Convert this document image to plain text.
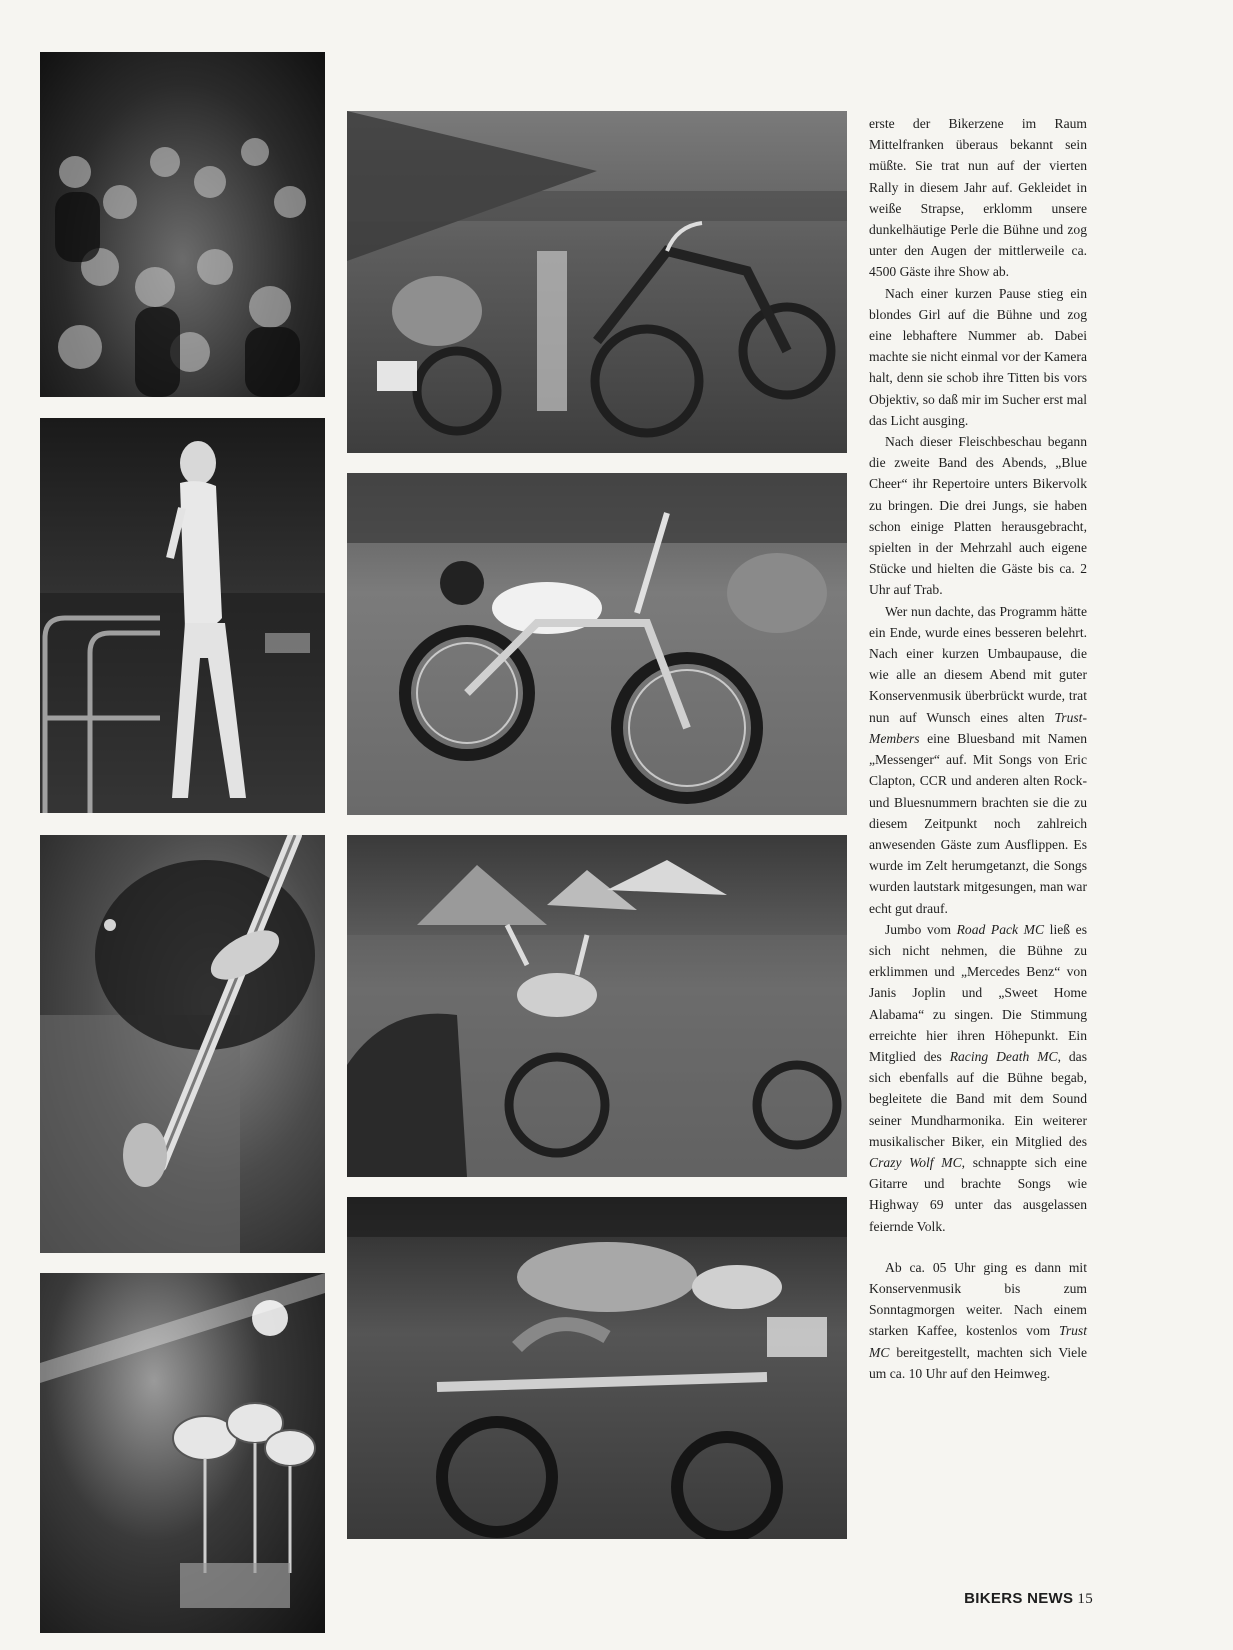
erste der Bikerzene im Raum Mittelfranken überaus bekannt sein müßte. Sie trat nun auf der vierten Rally in diesem Jahr auf. Gekleidet in weiße Strapse, erklomm unsere dunkelhäutige Perle die Bühne und zog unter den Augen der mittlerweile ca. 4500 Gäste ihre Show ab.

Nach einer kurzen Pause stieg ein blondes Girl auf die Bühne und zog eine lebhaftere Nummer ab. Dabei machte sie nicht einmal vor der Kamera halt, denn sie schob ihre Titten bis vors Objektiv, so daß mir im Sucher erst mal das Licht ausging.

Nach dieser Fleischbeschau begann die zweite Band des Abends, „Blue Cheer“ ihr Repertoire unters Bikervolk zu bringen. Die drei Jungs, sie haben schon einige Platten herausgebracht, spielten in der Mehrzahl auch eigene Stücke und hielten die Gäste bis ca. 2 Uhr auf Trab.

Wer nun dachte, das Programm hätte ein Ende, wurde eines besseren belehrt. Nach einer kurzen Umbaupause, die wie alle an diesem Abend mit guter Konservenmusik überbrückt wurde, trat nun auf Wunsch eines alten Trust-Members eine Bluesband mit Namen „Messenger“ auf. Mit Songs von Eric Clapton, CCR und anderen alten Rock- und Bluesnummern brachten sie die zu diesem Zeitpunkt noch zahlreich anwesenden Gäste zum Ausflippen. Es wurde im Zelt herumgetanzt, die Songs wurden lautstark mitgesungen, man war echt gut drauf.

Jumbo vom Road Pack MC ließ es sich nicht nehmen, die Bühne zu erklimmen und „Mercedes Benz“ von Janis Joplin und „Sweet Home Alabama“ zu singen. Die Stimmung erreichte hier ihren Höhepunkt. Ein Mitglied des Racing Death MC, das sich ebenfalls auf die Bühne begab, begleitete die Band mit dem Sound seiner Mundharmonika. Ein weiterer musikalischer Biker, ein Mitglied des Crazy Wolf MC, schnappte sich eine Gitarre und brachte Songs wie Highway 69 unter das ausgelassen feiernde Volk.

Ab ca. 05 Uhr ging es dann mit Konservenmusik bis zum Sonntagmorgen weiter. Nach einem starken Kaffee, kostenlos vom Trust MC bereitgestellt, machten sich Viele um ca. 10 Uhr auf den Heimweg.

BIKERS NEWS 15
